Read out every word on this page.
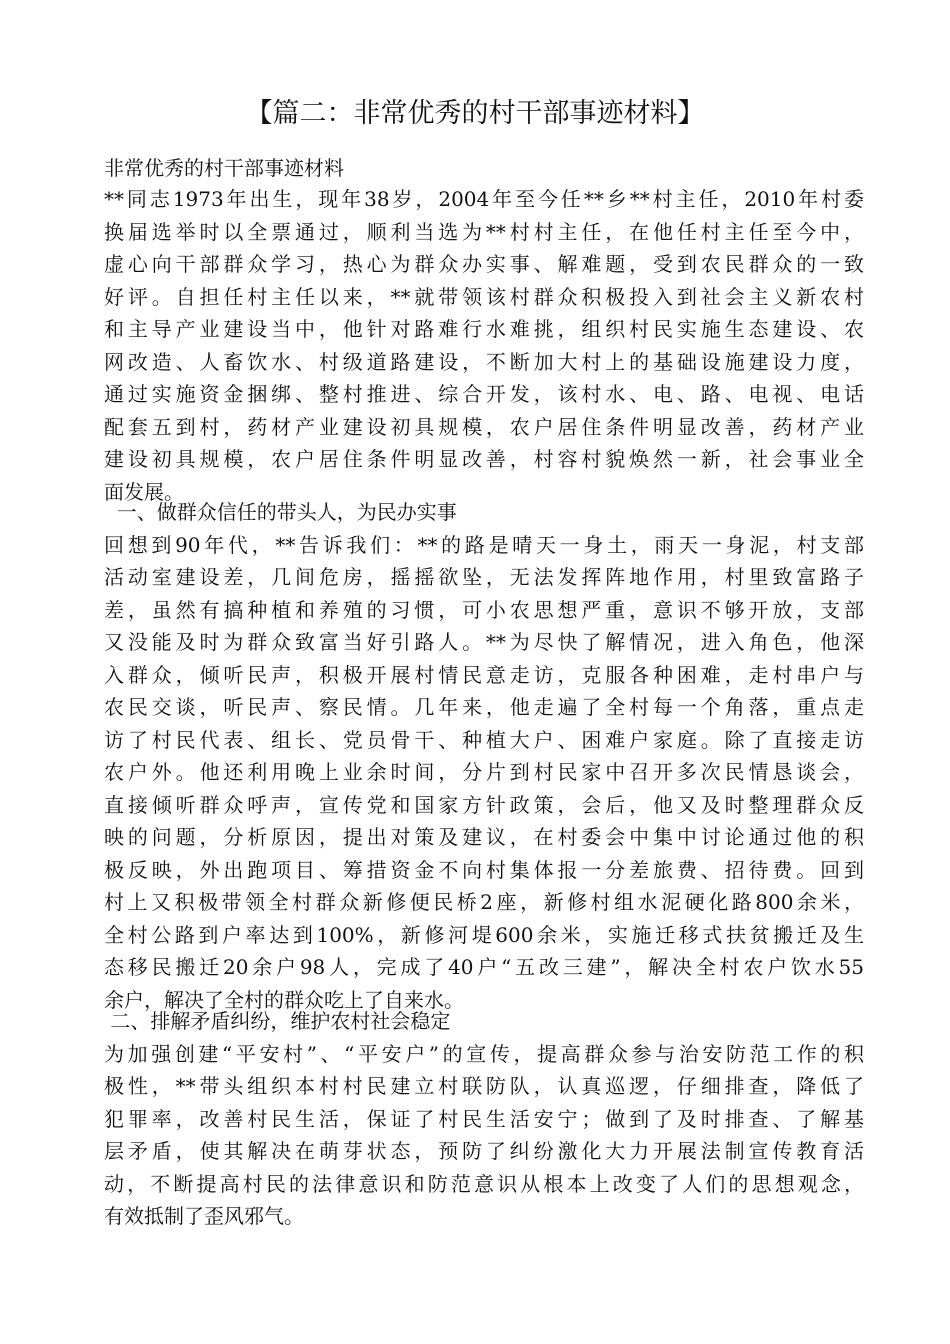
【篇二：非常优秀的村干部事迹材料】
非常优秀的村干部事迹材料
**同志1973年出生，现年38岁，2004年至今任**乡**村主任，2010年村委
换届选举时以全票通过，顺利当选为**村村主任，在他任村主任至今中，
虚心向干部群众学习，热心为群众办实事、解难题，受到农民群众的一致
好评。自担任村主任以来，**就带领该村群众积极投入到社会主义新农村
和主导产业建设当中，他针对路难行水难挑，组织村民实施生态建设、农
网改造、人畜饮水、村级道路建设，不断加大村上的基础设施建设力度，
通过实施资金捆绑、整村推进、综合开发，该村水、电、路、电视、电话
配套五到村，药材产业建设初具规模，农户居住条件明显改善，药材产业
建设初具规模，农户居住条件明显改善，村容村貌焕然一新，社会事业全
面发展。
一、做群众信任的带头人，为民办实事
回想到90年代，**告诉我们：**的路是晴天一身土，雨天一身泥，村支部
活动室建设差，几间危房，摇摇欲坠，无法发挥阵地作用，村里致富路子
差，虽然有搞种植和养殖的习惯，可小农思想严重，意识不够开放，支部
又没能及时为群众致富当好引路人。**为尽快了解情况，进入角色，他深
入群众，倾听民声，积极开展村情民意走访，克服各种困难，走村串户与
农民交谈，听民声、察民情。几年来，他走遍了全村每一个角落，重点走
访了村民代表、组长、党员骨干、种植大户、困难户家庭。除了直接走访
农户外。他还利用晚上业余时间，分片到村民家中召开多次民情恳谈会，
直接倾听群众呼声，宣传党和国家方针政策，会后，他又及时整理群众反
映的问题，分析原因，提出对策及建议，在村委会中集中讨论通过他的积
极反映，外出跑项目、筹措资金不向村集体报一分差旅费、招待费。回到
村上又积极带领全村群众新修便民桥2座，新修村组水泥硬化路800余米，
全村公路到户率达到100%，新修河堤600余米，实施迁移式扶贫搬迁及生
态移民搬迁20余户98人，完成了40户“五改三建”，解决全村农户饮水55
余户，解决了全村的群众吃上了自来水。
二、排解矛盾纠纷，维护农村社会稳定
为加强创建“平安村”、“平安户”的宣传，提高群众参与治安防范工作的积
极性，**带头组织本村村民建立村联防队，认真巡逻，仔细排查，降低了
犯罪率，改善村民生活，保证了村民生活安宁；做到了及时排查、了解基
层矛盾，使其解决在萌芽状态，预防了纠纷激化大力开展法制宣传教育活
动，不断提高村民的法律意识和防范意识从根本上改变了人们的思想观念，
有效抵制了歪风邪气。
